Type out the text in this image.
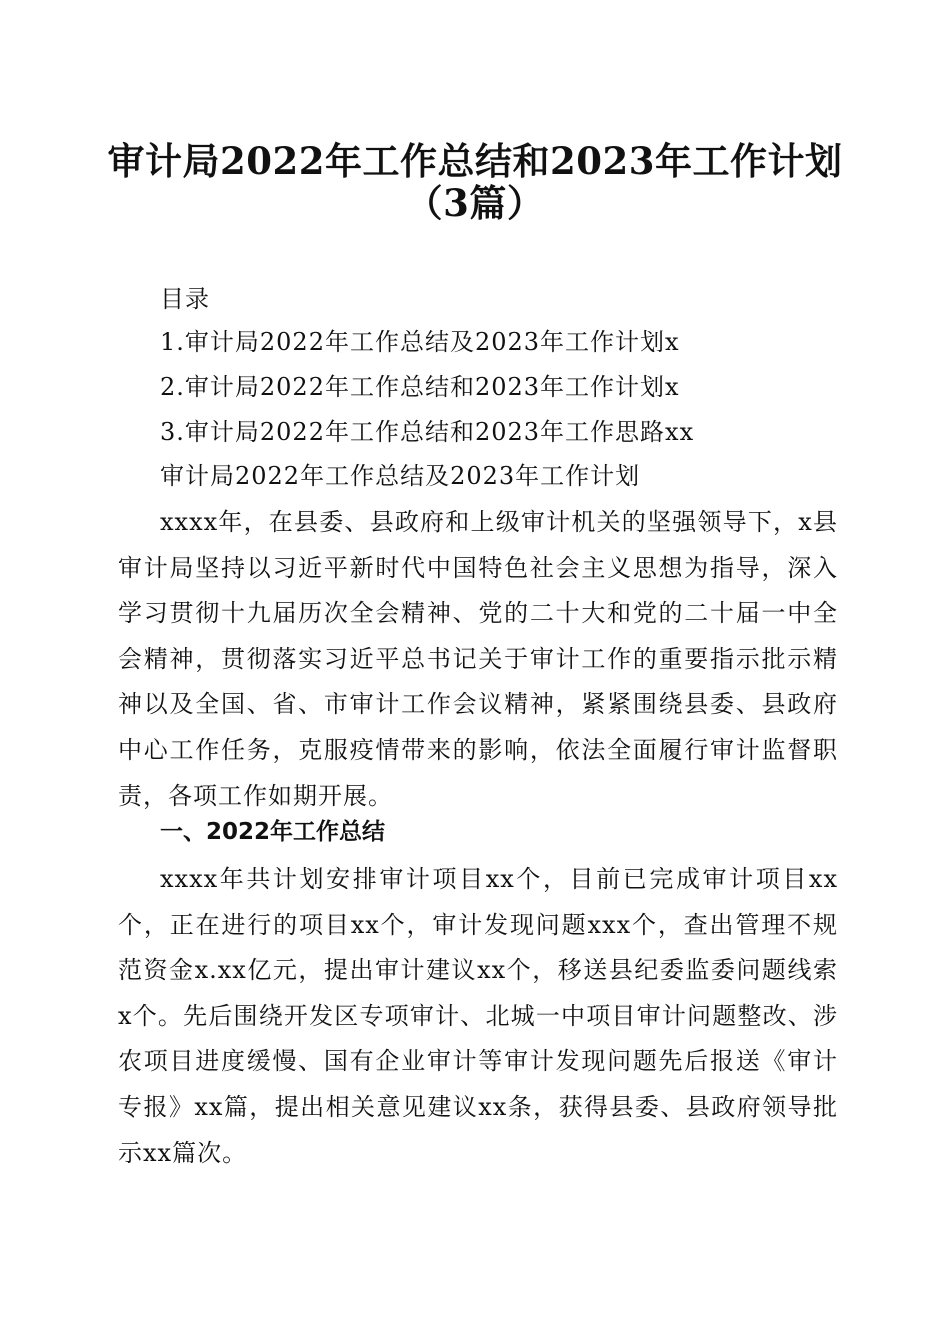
审计局2022年工作总结和2023年工作计划
（3篇）
目录
1.审计局2022年工作总结及2023年工作计划x
2.审计局2022年工作总结和2023年工作计划x
3.审计局2022年工作总结和2023年工作思路xx
审计局2022年工作总结及2023年工作计划
xxxx年，在县委、县政府和上级审计机关的坚强领导下，x县审计局坚持以习近平新时代中国特色社会主义思想为指导，深入学习贯彻十九届历次全会精神、党的二十大和党的二十届一中全会精神，贯彻落实习近平总书记关于审计工作的重要指示批示精神以及全国、省、市审计工作会议精神，紧紧围绕县委、县政府中心工作任务，克服疫情带来的影响，依法全面履行审计监督职责，各项工作如期开展。
一、2022年工作总结
xxxx年共计划安排审计项目xx个，目前已完成审计项目xx个，正在进行的项目xx个，审计发现问题xxx个，查出管理不规范资金x.xx亿元，提出审计建议xx个，移送县纪委监委问题线索x个。先后围绕开发区专项审计、北城一中项目审计问题整改、涉农项目进度缓慢、国有企业审计等审计发现问题先后报送《审计专报》xx篇，提出相关意见建议xx条，获得县委、县政府领导批示xx篇次。
